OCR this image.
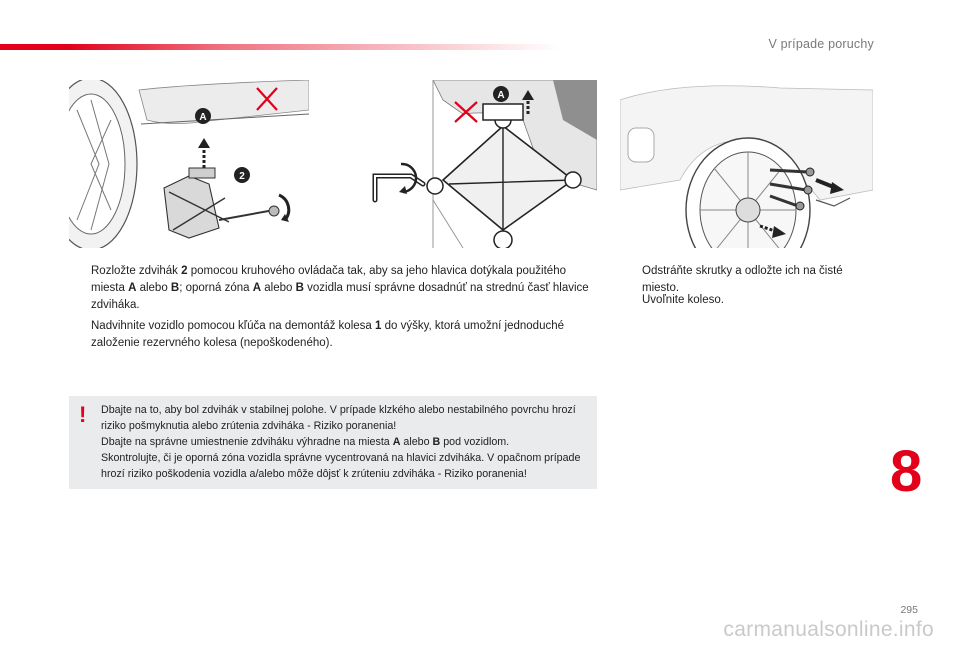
V prípade poruchy
A
2
A
Rozložte zdvihák 2 pomocou kruhového ovládača tak, aby sa jeho hlavica dotýkala použitého miesta A alebo B; oporná zóna A alebo B vozidla musí správne dosadnúť na strednú časť hlavice zdviháka.
Nadvihnite vozidlo pomocou kľúča na demontáž kolesa 1 do výšky, ktorá umožní jednoduché založenie rezervného kolesa (nepoškodeného).
! Dbajte na to, aby bol zdvihák v stabilnej polohe. V prípade klzkého alebo nestabilného povrchu hrozí riziko pošmyknutia alebo zrútenia zdviháka - Riziko poranenia!
Dbajte na správne umiestnenie zdviháku výhradne na miesta A alebo B pod vozidlom.
Skontrolujte, či je oporná zóna vozidla správne vycentrovaná na hlavici zdviháka. V opačnom prípade hrozí riziko poškodenia vozidla a/alebo môže dôjsť k zrúteniu zdviháka - Riziko poranenia!
Odstráňte skrutky a odložte ich na čisté miesto.
Uvoľnite koleso.
8
295
carmanualsonline.info
